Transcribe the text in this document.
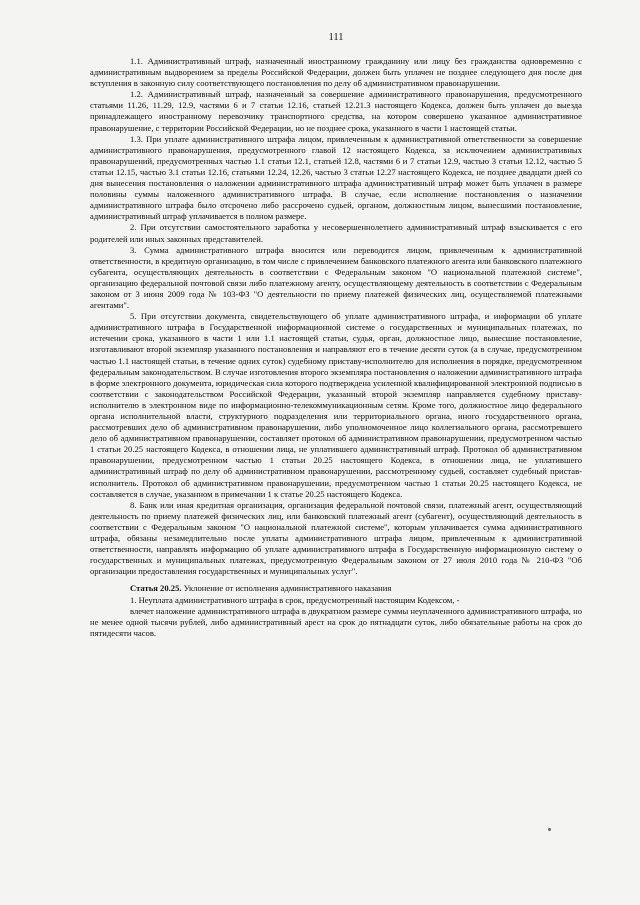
111

1.1. Административный штраф, назначенный иностранному гражданину или лицу без гражданства одновременно с административным выдворением за пределы Российской Федерации, должен быть уплачен не позднее следующего дня после дня вступления в законную силу соответствующего постановления по делу об административном правонарушении.

1.2. Административный штраф, назначенный за совершение административного правонарушения, предусмотренного статьями 11.26, 11.29, 12.9, частями 6 и 7 статьи 12.16, статьей 12.21.3 настоящего Кодекса, должен быть уплачен до выезда принадлежащего иностранному перевозчику транспортного средства, на котором совершено указанное административное правонарушение, с территории Российской Федерации, но не позднее срока, указанного в части 1 настоящей статьи.

1.3. При уплате административного штрафа лицом, привлеченным к административной ответственности за совершение административного правонарушения, предусмотренного главой 12 настоящего Кодекса, за исключением административных правонарушений, предусмотренных частью 1.1 статьи 12.1, статьей 12.8, частями 6 и 7 статьи 12.9, частью 3 статьи 12.12, частью 5 статьи 12.15, частью 3.1 статьи 12.16, статьями 12.24, 12.26, частью 3 статьи 12.27 настоящего Кодекса, не позднее двадцати дней со дня вынесения постановления о наложении административного штрафа административный штраф может быть уплачен в размере половины суммы наложенного административного штрафа. В случае, если исполнение постановления о назначении административного штрафа было отсрочено либо рассрочено судьей, органом, должностным лицом, вынесшими постановление, административный штраф уплачивается в полном размере.

2. При отсутствии самостоятельного заработка у несовершеннолетнего административный штраф взыскивается с его родителей или иных законных представителей.

3. Сумма административного штрафа вносится или переводится лицом, привлеченным к административной ответственности, в кредитную организацию, в том числе с привлечением банковского платежного агента или банковского платежного субагента, осуществляющих деятельность в соответствии с Федеральным законом "О национальной платежной системе", организацию федеральной почтовой связи либо платежному агенту, осуществляющему деятельность в соответствии с Федеральным законом от 3 июня 2009 года № 103-ФЗ "О деятельности по приему платежей физических лиц, осуществляемой платежными агентами".

5. При отсутствии документа, свидетельствующего об уплате административного штрафа, и информации об уплате административного штрафа в Государственной информационной системе о государственных и муниципальных платежах, по истечении срока, указанного в части 1 или 1.1 настоящей статьи, судья, орган, должностное лицо, вынесшие постановление, изготавливают второй экземпляр указанного постановления и направляют его в течение десяти суток (а в случае, предусмотренном частью 1.1 настоящей статьи, в течение одних суток) судебному приставу-исполнителю для исполнения в порядке, предусмотренном федеральным законодательством. В случае изготовления второго экземпляра постановления о наложении административного штрафа в форме электронного документа, юридическая сила которого подтверждена усиленной квалифицированной электронной подписью в соответствии с законодательством Российской Федерации, указанный второй экземпляр направляется судебному приставу-исполнителю в электронном виде по информационно-телекоммуникационным сетям. Кроме того, должностное лицо федерального органа исполнительной власти, структурного подразделения или территориального органа, иного государственного органа, рассмотревших дело об административном правонарушении, либо уполномоченное лицо коллегиального органа, рассмотревшего дело об административном правонарушении, составляет протокол об административном правонарушении, предусмотренном частью 1 статьи 20.25 настоящего Кодекса, в отношении лица, не уплатившего административный штраф. Протокол об административном правонарушении, предусмотренном частью 1 статьи 20.25 настоящего Кодекса, в отношении лица, не уплатившего административный штраф по делу об административном правонарушении, рассмотренному судьей, составляет судебный пристав-исполнитель. Протокол об административном правонарушении, предусмотренном частью 1 статьи 20.25 настоящего Кодекса, не составляется в случае, указанном в примечании 1 к статье 20.25 настоящего Кодекса.

8. Банк или иная кредитная организация, организация федеральной почтовой связи, платежный агент, осуществляющий деятельность по приему платежей физических лиц, или банковский платежный агент (субагент), осуществляющий деятельность в соответствии с Федеральным законом "О национальной платежной системе", которым уплачивается сумма административного штрафа, обязаны незамедлительно после уплаты административного штрафа лицом, привлеченным к административной ответственности, направлять информацию об уплате административного штрафа в Государственную информационную систему о государственных и муниципальных платежах, предусмотренную Федеральным законом от 27 июля 2010 года № 210-ФЗ "Об организации предоставления государственных и муниципальных услуг".

Статья 20.25. Уклонение от исполнения административного наказания

1. Неуплата административного штрафа в срок, предусмотренный настоящим Кодексом, -

влечет наложение административного штрафа в двукратном размере суммы неуплаченного административного штрафа, но не менее одной тысячи рублей, либо административный арест на срок до пятнадцати суток, либо обязательные работы на срок до пятидесяти часов.
